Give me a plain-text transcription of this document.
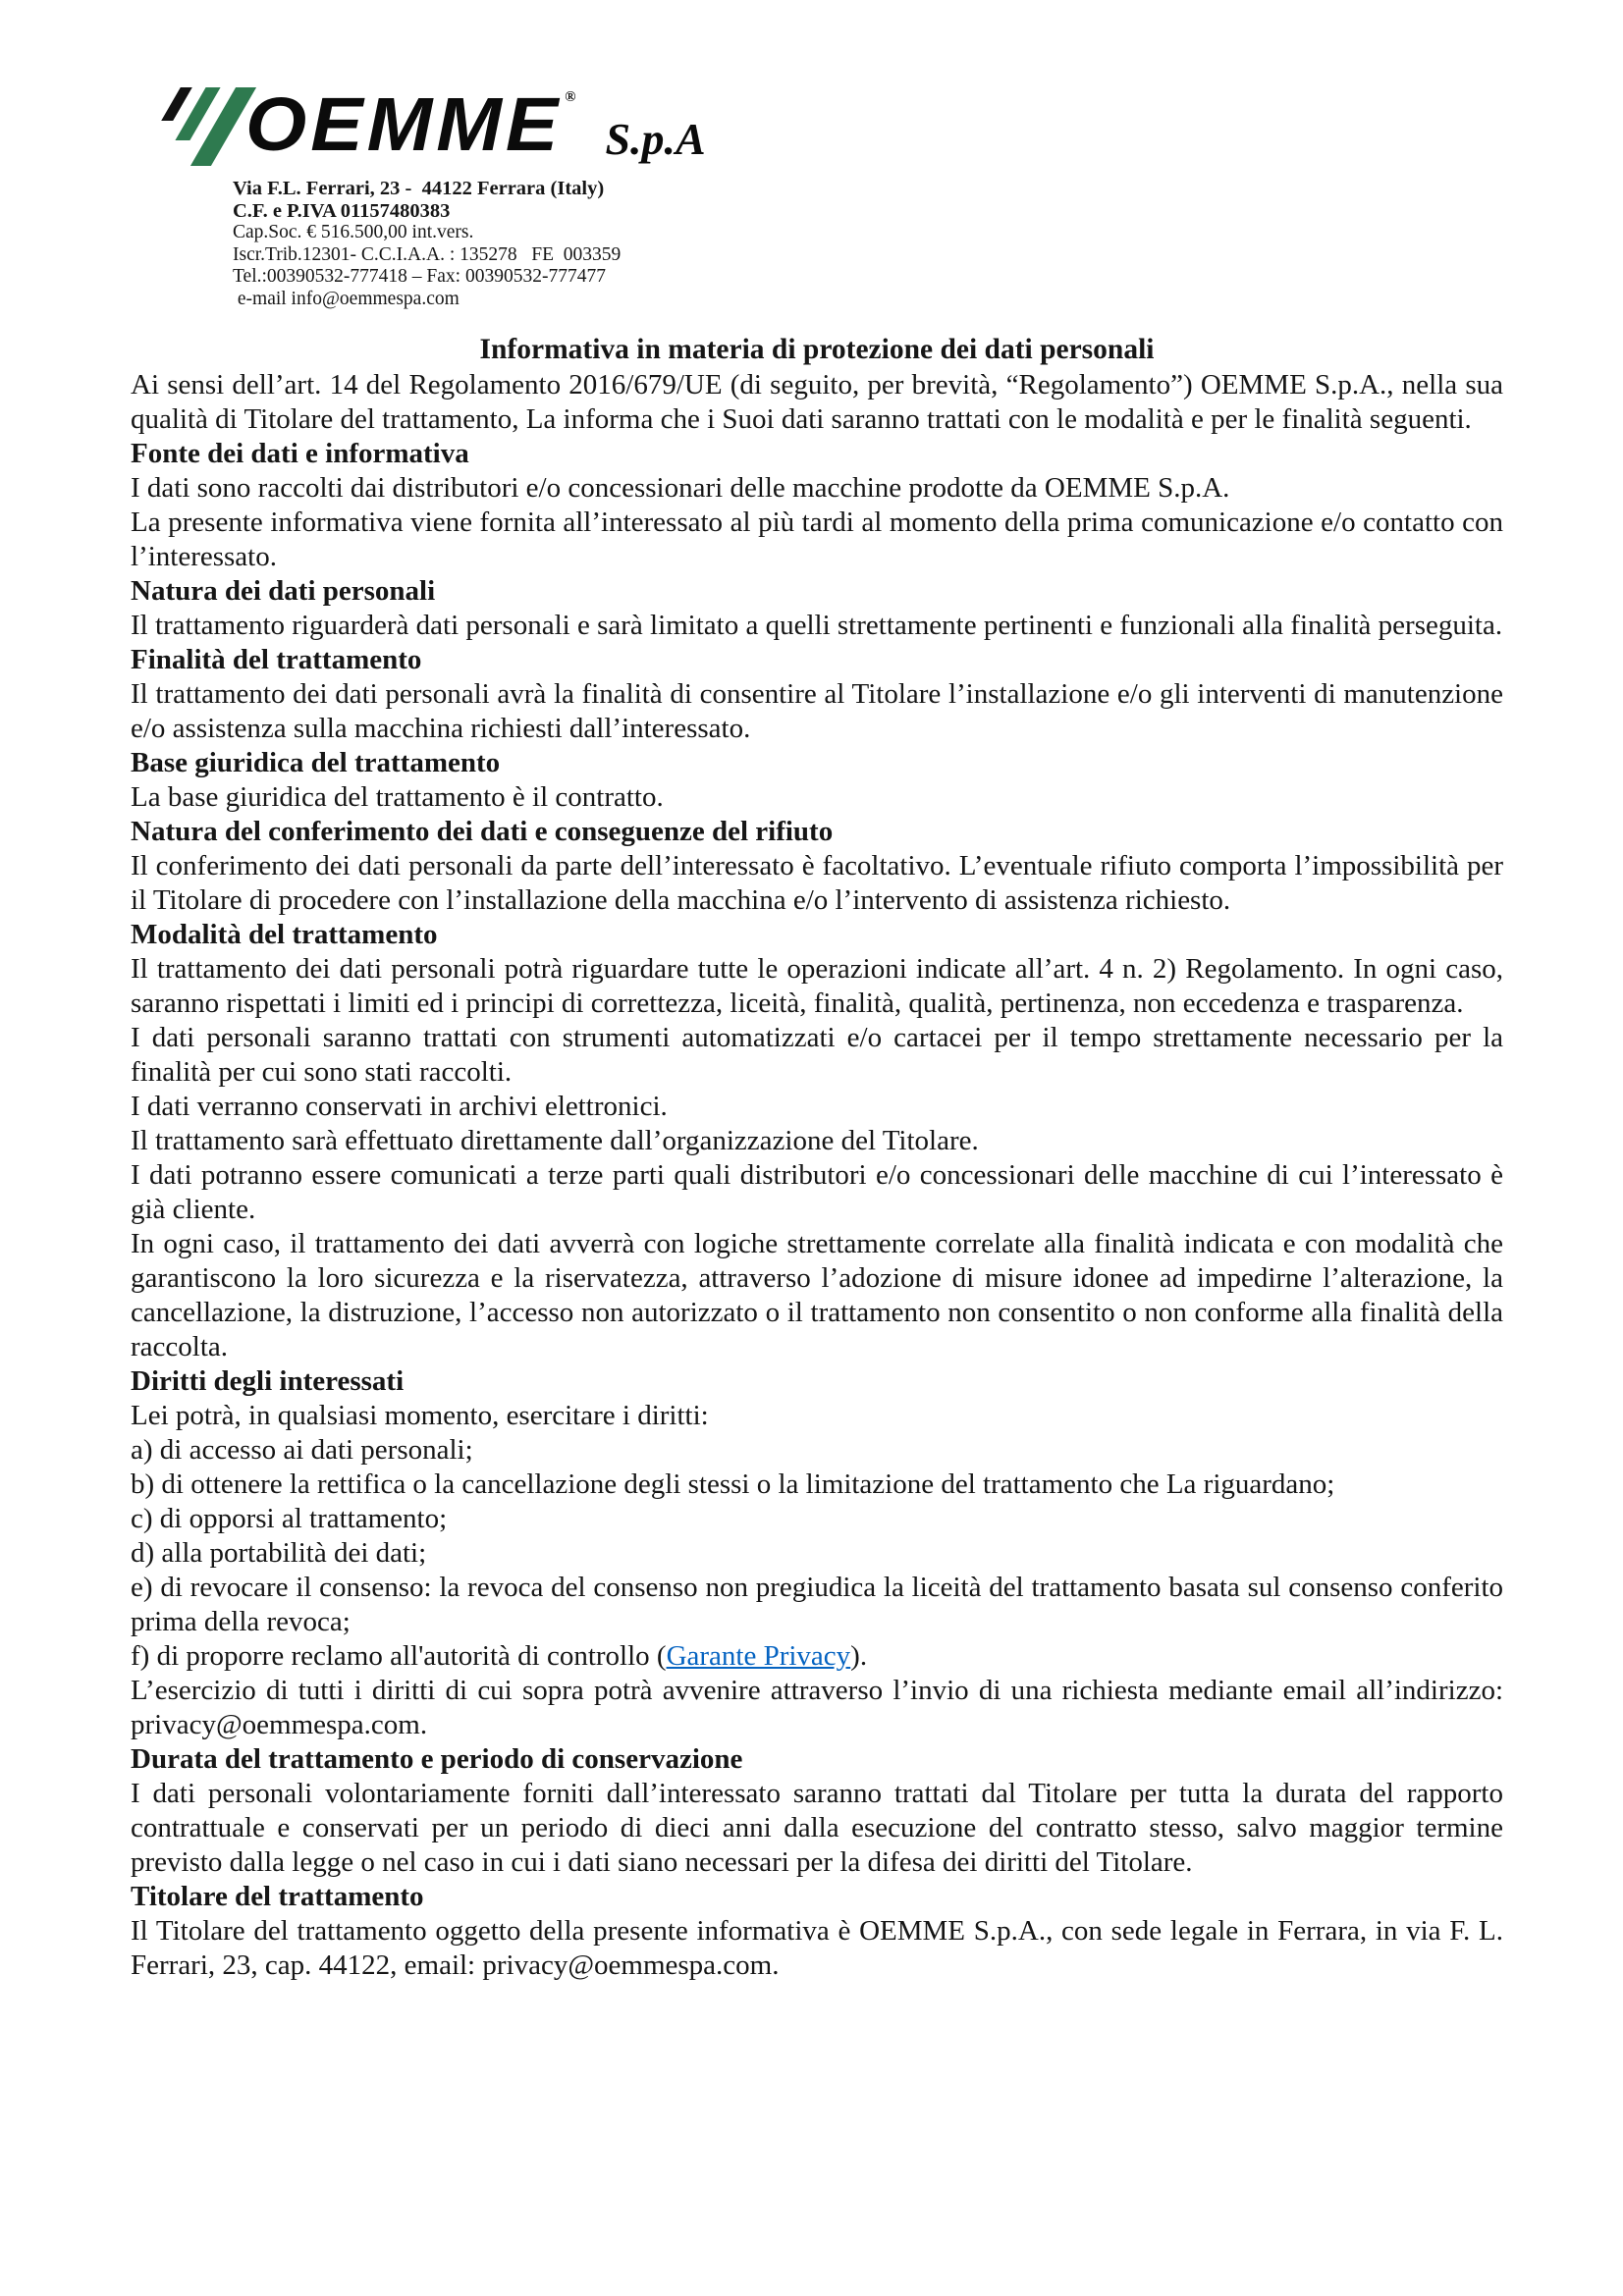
OEMME ®
S.p.A
Via F.L. Ferrari, 23 -  44122 Ferrara (Italy)
C.F. e P.IVA 01157480383
Cap.Soc. € 516.500,00 int.vers.
Iscr.Trib.12301- C.C.I.A.A. : 135278   FE  003359
Tel.:00390532-777418 – Fax: 00390532-777477
e-mail info@oemmespa.com
Informativa in materia di protezione dei dati personali

Ai sensi dell’art. 14 del Regolamento 2016/679/UE (di seguito, per brevità, “Regolamento”) OEMME S.p.A., nella sua qualità di Titolare del trattamento, La informa che i Suoi dati saranno trattati con le modalità e per le finalità seguenti.

Fonte dei dati e informativa

I dati sono raccolti dai distributori e/o concessionari delle macchine prodotte da OEMME S.p.A.

La presente informativa viene fornita all’interessato al più tardi al momento della prima comunicazione e/o contatto con l’interessato.

Natura dei dati personali

Il trattamento riguarderà dati personali e sarà limitato a quelli strettamente pertinenti e funzionali alla finalità perseguita.

Finalità del trattamento

Il trattamento dei dati personali avrà la finalità di consentire al Titolare l’installazione e/o gli interventi di manutenzione e/o assistenza sulla macchina richiesti dall’interessato.

Base giuridica del trattamento

La base giuridica del trattamento è il contratto.

Natura del conferimento dei dati e conseguenze del rifiuto

Il conferimento dei dati personali da parte dell’interessato è facoltativo. L’eventuale rifiuto comporta l’impossibilità per il Titolare di procedere con l’installazione della macchina e/o l’intervento di assistenza richiesto.

Modalità del trattamento

Il trattamento dei dati personali potrà riguardare tutte le operazioni indicate all’art. 4 n. 2) Regolamento. In ogni caso, saranno rispettati i limiti ed i principi di correttezza, liceità, finalità, qualità, pertinenza, non eccedenza e trasparenza.

I dati personali saranno trattati con strumenti automatizzati e/o cartacei per il tempo strettamente necessario per la finalità per cui sono stati raccolti.

I dati verranno conservati in archivi elettronici.

Il trattamento sarà effettuato direttamente dall’organizzazione del Titolare.

I dati potranno essere comunicati a terze parti quali distributori e/o concessionari delle macchine di cui l’interessato è già cliente.

In ogni caso, il trattamento dei dati avverrà con logiche strettamente correlate alla finalità indicata e con modalità che garantiscono la loro sicurezza e la riservatezza, attraverso l’adozione di misure idonee ad impedirne l’alterazione, la cancellazione, la distruzione, l’accesso non autorizzato o il trattamento non consentito o non conforme alla finalità della raccolta.

Diritti degli interessati

Lei potrà, in qualsiasi momento, esercitare i diritti:

a) di accesso ai dati personali;

b) di ottenere la rettifica o la cancellazione degli stessi o la limitazione del trattamento che La riguardano;

c) di opporsi al trattamento;

d) alla portabilità dei dati;

e) di revocare il consenso: la revoca del consenso non pregiudica la liceità del trattamento basata sul consenso conferito prima della revoca;

f) di proporre reclamo all'autorità di controllo (Garante Privacy).

L’esercizio di tutti i diritti di cui sopra potrà avvenire attraverso l’invio di una richiesta mediante email all’indirizzo: privacy@oemmespa.com.

Durata del trattamento e periodo di conservazione

I dati personali volontariamente forniti dall’interessato saranno trattati dal Titolare per tutta la durata del rapporto contrattuale e conservati per un periodo di dieci anni dalla esecuzione del contratto stesso, salvo maggior termine previsto dalla legge o nel caso in cui i dati siano necessari per la difesa dei diritti del Titolare.

Titolare del trattamento

Il Titolare del trattamento oggetto della presente informativa è OEMME S.p.A., con sede legale in Ferrara, in via F. L. Ferrari, 23, cap. 44122, email: privacy@oemmespa.com.
